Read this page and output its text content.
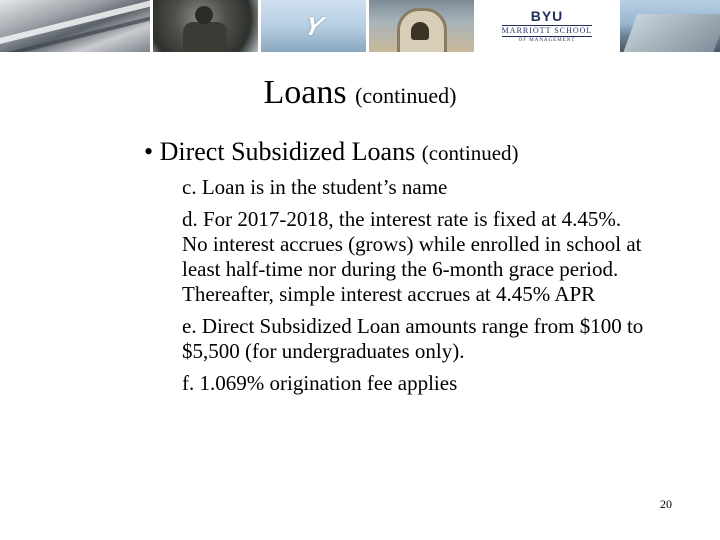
Y	BYU
MARRIOTT SCHOOL
OF MANAGEMENT
Loans (continued)
• Direct Subsidized Loans (continued)
c. Loan is in the student’s name
d. For 2017-2018, the interest rate is fixed at 4.45%. No interest accrues (grows) while enrolled in school at least half-time nor during the 6-month grace period. Thereafter, simple interest accrues at 4.45% APR
e. Direct Subsidized Loan amounts range from $100 to $5,500 (for undergraduates only).
f. 1.069% origination fee applies
20
